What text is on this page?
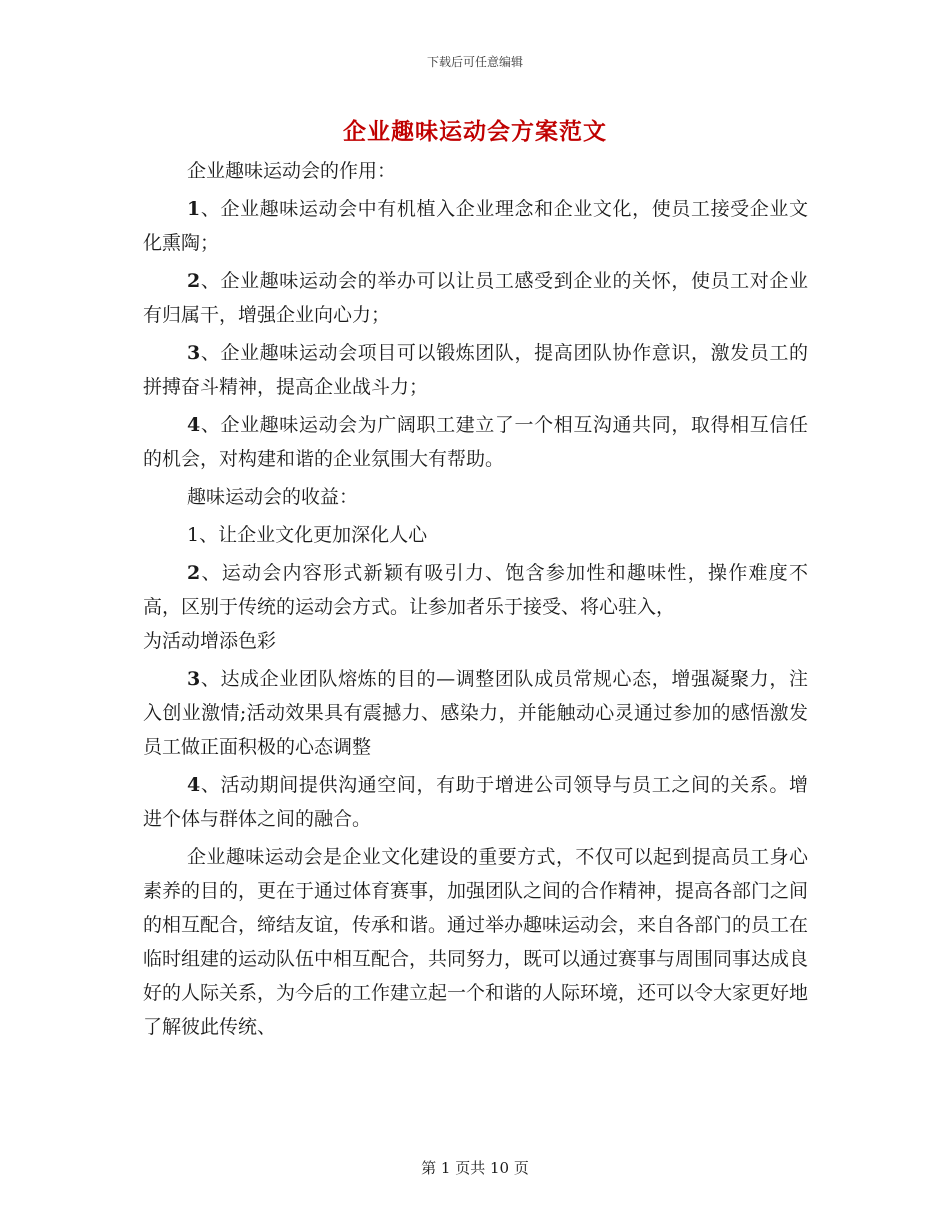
下载后可任意编辑
企业趣味运动会方案范文

企业趣味运动会的作用：

1、企业趣味运动会中有机植入企业理念和企业文化，使员工接受企业文化熏陶；

2、企业趣味运动会的举办可以让员工感受到企业的关怀，使员工对企业有归属干，增强企业向心力；

3、企业趣味运动会项目可以锻炼团队，提高团队协作意识，激发员工的拼搏奋斗精神，提高企业战斗力；

4、企业趣味运动会为广阔职工建立了一个相互沟通共同，取得相互信任的机会，对构建和谐的企业氛围大有帮助。

趣味运动会的收益：

1、让企业文化更加深化人心

2、运动会内容形式新颖有吸引力、饱含参加性和趣味性，操作难度不高，区别于传统的运动会方式。让参加者乐于接受、将心驻入，
为活动增添色彩

3、达成企业团队熔炼的目的—调整团队成员常规心态，增强凝聚力，注入创业激情;活动效果具有震撼力、感染力，并能触动心灵通过参加的感悟激发员工做正面积极的心态调整

4、活动期间提供沟通空间，有助于增进公司领导与员工之间的关系。增进个体与群体之间的融合。

企业趣味运动会是企业文化建设的重要方式，不仅可以起到提高员工身心素养的目的，更在于通过体育赛事，加强团队之间的合作精神，提高各部门之间的相互配合，缔结友谊，传承和谐。通过举办趣味运动会，来自各部门的员工在临时组建的运动队伍中相互配合，共同努力，既可以通过赛事与周围同事达成良好的人际关系，为今后的工作建立起一个和谐的人际环境，还可以令大家更好地了解彼此传统、

第 1 页共 10 页
